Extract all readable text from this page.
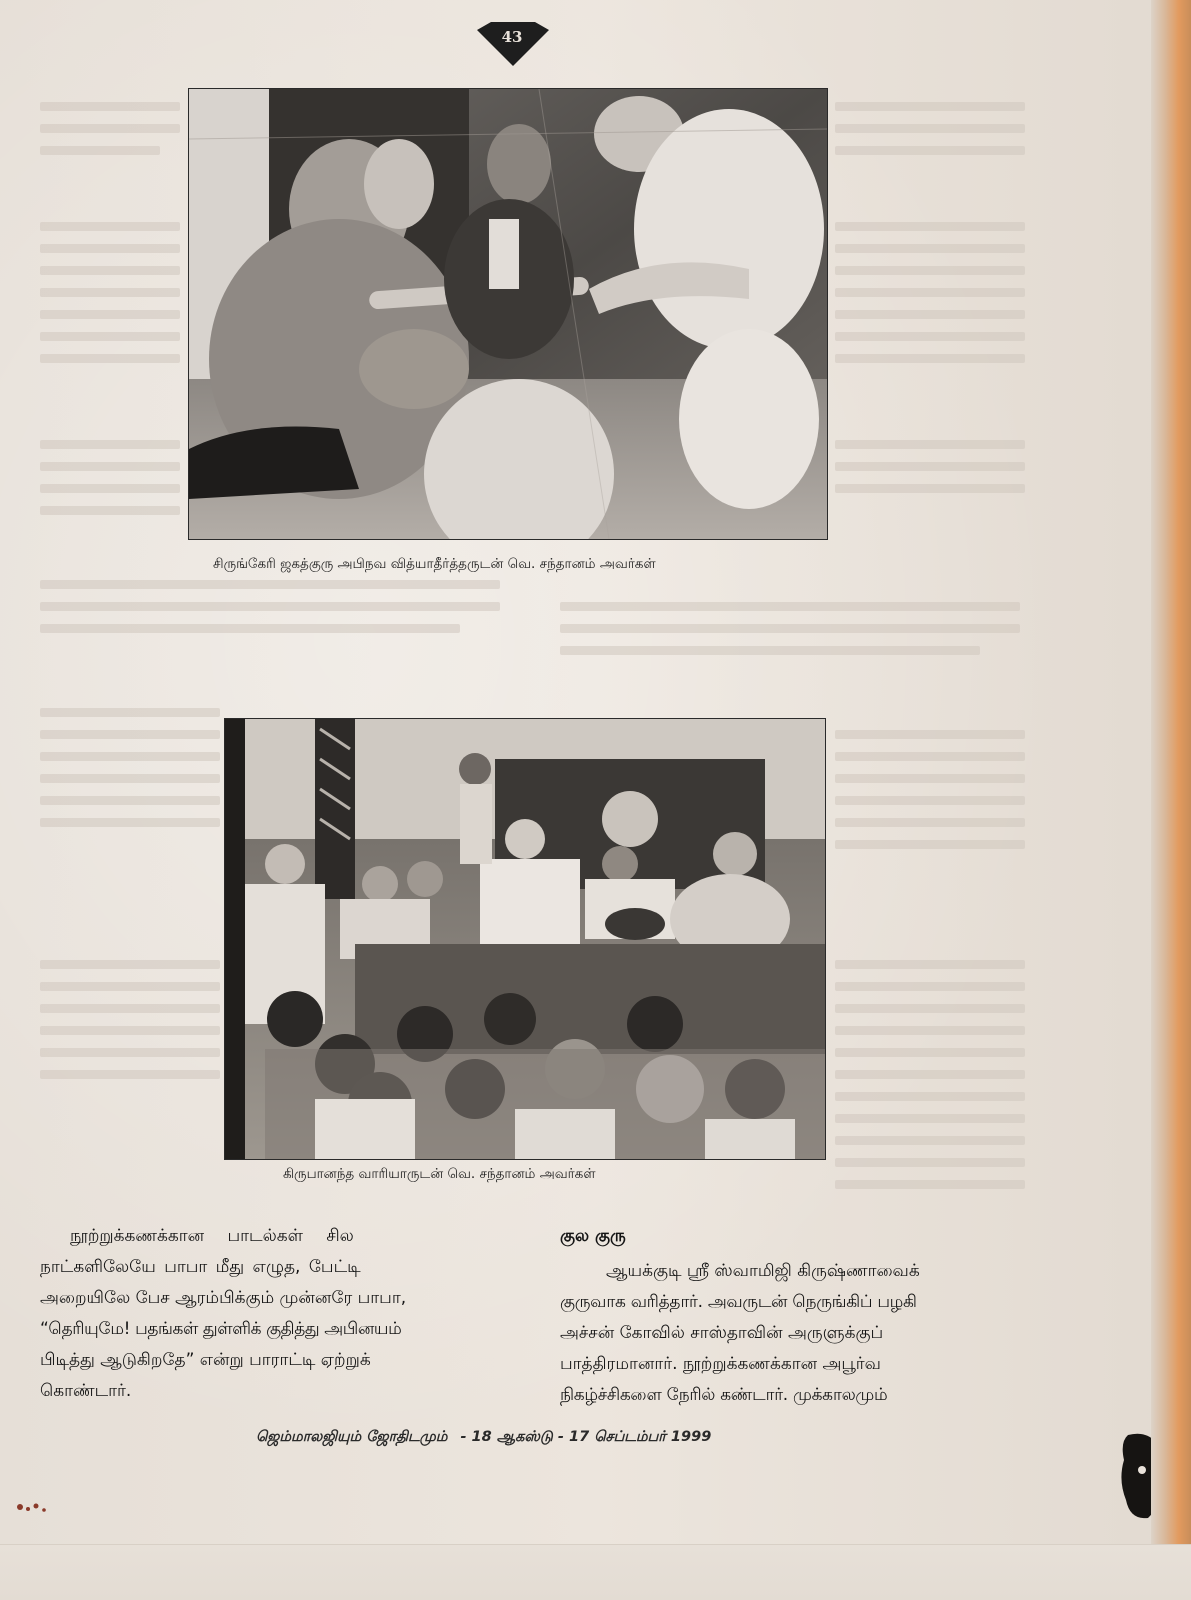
43
சிருங்கேரி ஜகத்குரு அபிநவ வித்யாதீர்த்தருடன் வெ. சந்தானம் அவர்கள்
கிருபானந்த வாரியாருடன் வெ. சந்தானம் அவர்கள்

நூற்றுக்கணக்கான பாடல்கள் சில

நாட்களிலேயே பாபா மீது எழுத, பேட்டி

அறையிலே பேச ஆரம்பிக்கும் முன்னரே பாபா,

“தெரியுமே! பதங்கள் துள்ளிக் குதித்து அபினயம்

பிடித்து ஆடுகிறதே” என்று பாராட்டி ஏற்றுக்

கொண்டார்.

குல குரு

ஆயக்குடி ஸ்ரீ ஸ்வாமிஜி கிருஷ்ணாவைக்

குருவாக வரித்தார். அவருடன் நெருங்கிப் பழகி

அச்சன் கோவில் சாஸ்தாவின் அருளுக்குப்

பாத்திரமானார். நூற்றுக்கணக்கான அபூர்வ

நிகழ்ச்சிகளை நேரில் கண்டார். முக்காலமும்

ஜெம்மாலஜியும் ஜோதிடமும் - 18 ஆகஸ்டு - 17 செப்டம்பர் 1999
